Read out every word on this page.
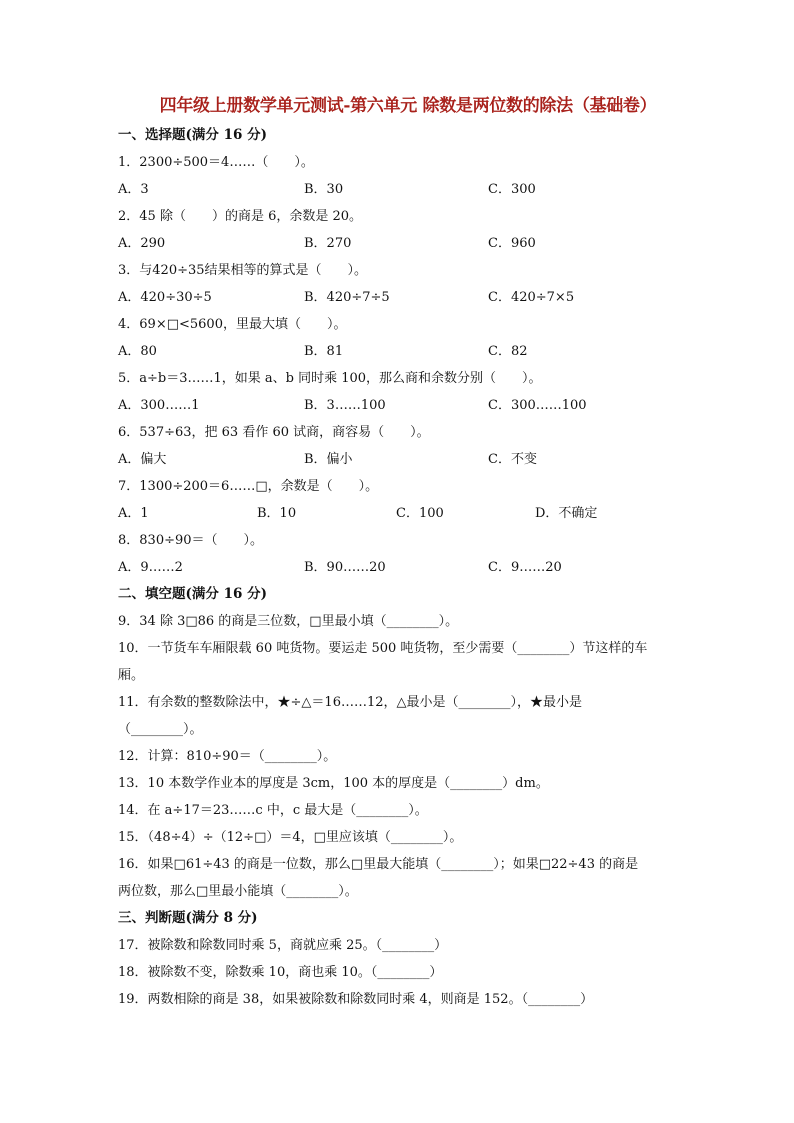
四年级上册数学单元测试-第六单元 除数是两位数的除法（基础卷）
一、选择题(满分 16 分)
1．2300÷500＝4……（　　）。
A．3	B．30	C．300
2．45 除（　　）的商是 6，余数是 20。
A．290	B．270	C．960
3．与420÷35结果相等的算式是（　　）。
A．420÷30÷5	B．420÷7÷5	C．420÷7×5
4．69×□<5600，里最大填（　　）。
A．80	B．81	C．82
5．a÷b＝3……1，如果 a、b 同时乘 100，那么商和余数分别（　　）。
A．300……1	B．3……100	C．300……100
6．537÷63，把 63 看作 60 试商，商容易（　　）。
A．偏大	B．偏小	C．不变
7．1300÷200＝6……□，余数是（　　）。
A．1	B．10	C．100	D．不确定
8．830÷90＝（　　）。
A．9……2	B．90……20	C．9……20
二、填空题(满分 16 分)
9．34 除 3□86 的商是三位数，□里最小填（________）。
10．一节货车车厢限载 60 吨货物。要运走 500 吨货物，至少需要（________）节这样的车
厢。
11．有余数的整数除法中，★÷△＝16……12，△最小是（________），★最小是
（________）。
12．计算：810÷90＝（________）。
13．10 本数学作业本的厚度是 3cm，100 本的厚度是（________）dm。
14．在 a÷17＝23……c 中，c 最大是（________）。
15．（48÷4）÷（12÷□）＝4，□里应该填（________）。
16．如果□61÷43 的商是一位数，那么□里最大能填（________）；如果□22÷43 的商是
两位数，那么□里最小能填（________）。
三、判断题(满分 8 分)
17．被除数和除数同时乘 5，商就应乘 25。（________）
18．被除数不变，除数乘 10，商也乘 10。（________）
19．两数相除的商是 38，如果被除数和除数同时乘 4，则商是 152。（________）
